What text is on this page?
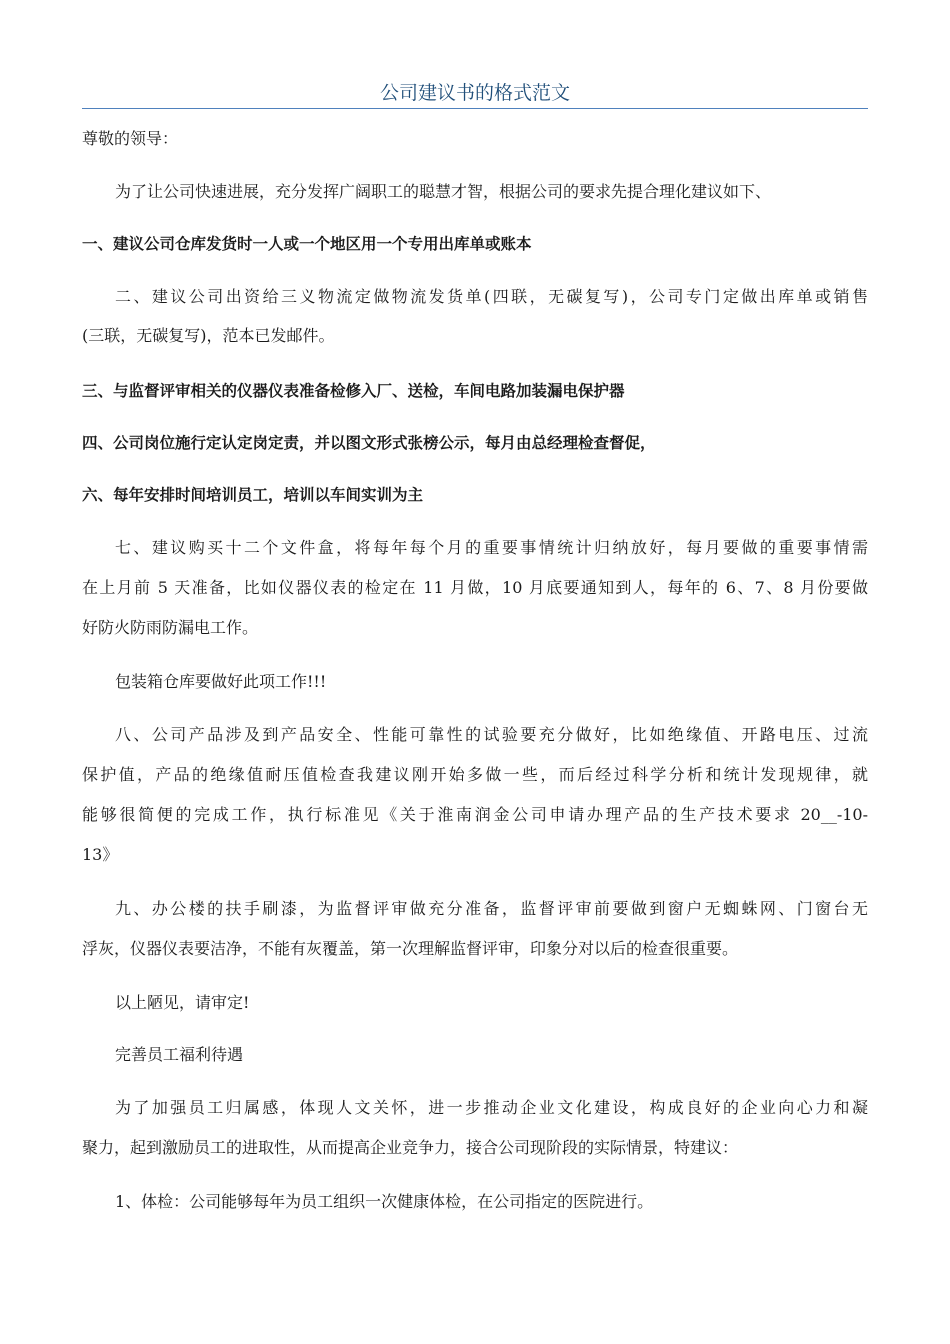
公司建议书的格式范文

尊敬的领导：

为了让公司快速进展，充分发挥广阔职工的聪慧才智，根据公司的要求先提合理化建议如下、

一、建议公司仓库发货时一人或一个地区用一个专用出库单或账本

二、建议公司出资给三义物流定做物流发货单(四联，无碳复写)，公司专门定做出库单或销售

(三联，无碳复写)，范本已发邮件。

三、与监督评审相关的仪器仪表准备检修入厂、送检，车间电路加装漏电保护器

四、公司岗位施行定认定岗定责，并以图文形式张榜公示，每月由总经理检查督促，

六、每年安排时间培训员工，培训以车间实训为主

七、建议购买十二个文件盒，将每年每个月的重要事情统计归纳放好，每月要做的重要事情需

在上月前 5 天准备，比如仪器仪表的检定在 11 月做，10 月底要通知到人，每年的 6、7、8 月份要做

好防火防雨防漏电工作。

包装箱仓库要做好此项工作!!!

八、公司产品涉及到产品安全、性能可靠性的试验要充分做好，比如绝缘值、开路电压、过流

保护值，产品的绝缘值耐压值检查我建议刚开始多做一些，而后经过科学分析和统计发现规律，就

能够很简便的完成工作，执行标准见《关于淮南润金公司申请办理产品的生产技术要求 20__-10-

13》

九、办公楼的扶手刷漆，为监督评审做充分准备，监督评审前要做到窗户无蜘蛛网、门窗台无

浮灰，仪器仪表要洁净，不能有灰覆盖，第一次理解监督评审，印象分对以后的检查很重要。

以上陋见，请审定!

完善员工福利待遇

为了加强员工归属感，体现人文关怀，进一步推动企业文化建设，构成良好的企业向心力和凝

聚力，起到激励员工的进取性，从而提高企业竞争力，接合公司现阶段的实际情景，特建议：

1、体检：公司能够每年为员工组织一次健康体检，在公司指定的医院进行。
